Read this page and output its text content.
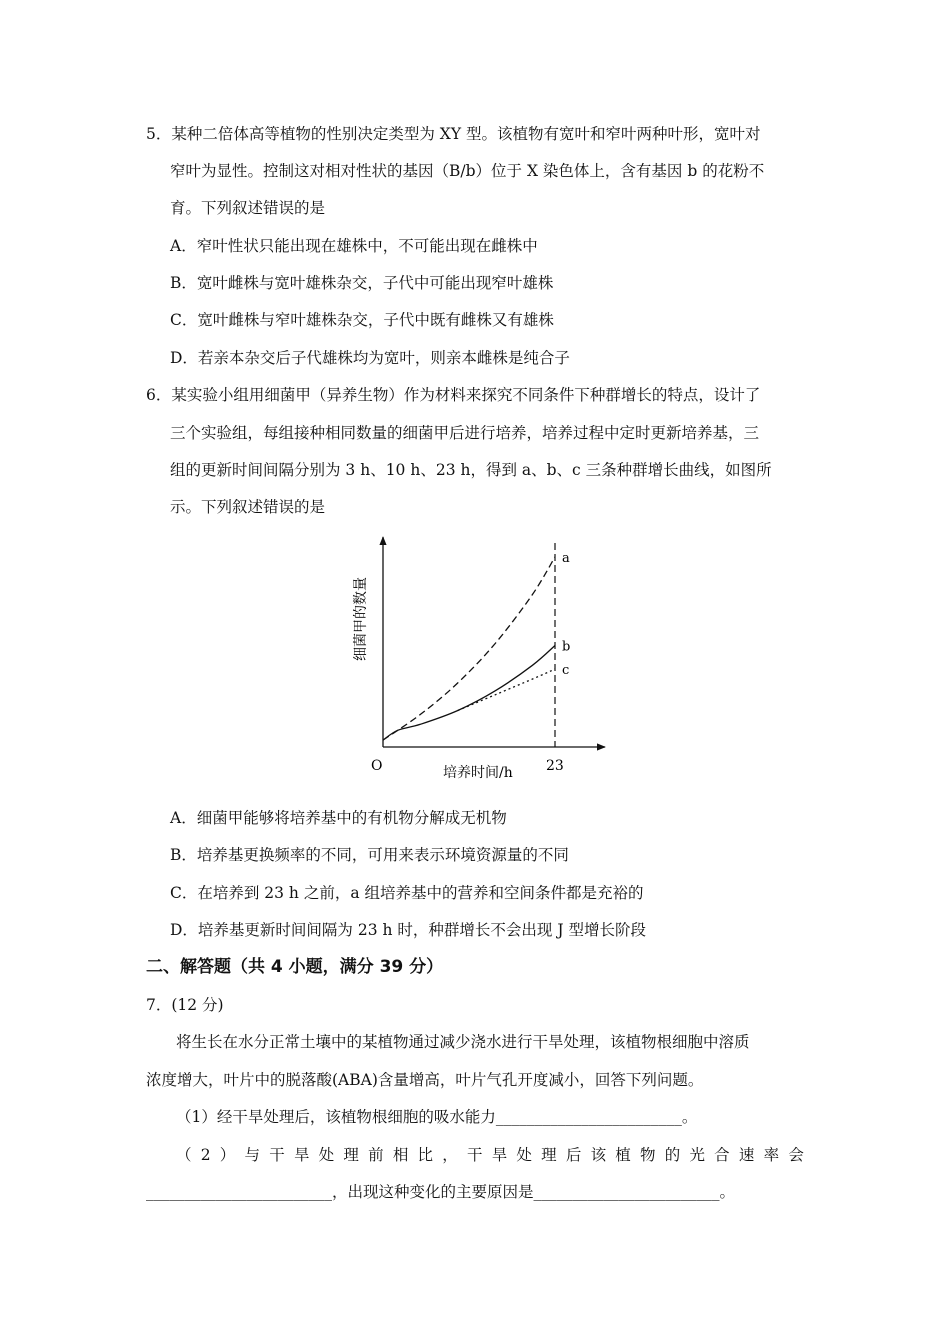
5．某种二倍体高等植物的性别决定类型为 XY 型。该植物有宽叶和窄叶两种叶形，宽叶对
窄叶为显性。控制这对相对性状的基因（B/b）位于 X 染色体上，含有基因 b 的花粉不
育。下列叙述错误的是
A．窄叶性状只能出现在雄株中，不可能出现在雌株中
B．宽叶雌株与宽叶雄株杂交，子代中可能出现窄叶雄株
C．宽叶雌株与窄叶雄株杂交，子代中既有雌株又有雄株
D．若亲本杂交后子代雄株均为宽叶，则亲本雌株是纯合子
6．某实验小组用细菌甲（异养生物）作为材料来探究不同条件下种群增长的特点，设计了
三个实验组，每组接种相同数量的细菌甲后进行培养，培养过程中定时更新培养基，三
组的更新时间间隔分别为 3 h、10 h、23 h，得到 a、b、c 三条种群增长曲线，如图所
示。下列叙述错误的是
细菌甲的数量
培养时间/h
O	23
a
b
c
A．细菌甲能够将培养基中的有机物分解成无机物
B．培养基更换频率的不同，可用来表示环境资源量的不同
C．在培养到 23 h 之前，a 组培养基中的营养和空间条件都是充裕的
D．培养基更新时间间隔为 23 h 时，种群增长不会出现 J 型增长阶段
二、解答题（共 4 小题，满分 39 分）
7．(12 分)
将生长在水分正常土壤中的某植物通过减少浇水进行干旱处理，该植物根细胞中溶质
浓度增大，叶片中的脱落酸(ABA)含量增高，叶片气孔开度减小，回答下列问题。
（1）经干旱处理后，该植物根细胞的吸水能力________________________。
（ 2 ） 与 干 旱 处 理 前 相 比 ， 干 旱 处 理 后 该 植 物 的 光 合 速 率 会
________________________，出现这种变化的主要原因是________________________。
